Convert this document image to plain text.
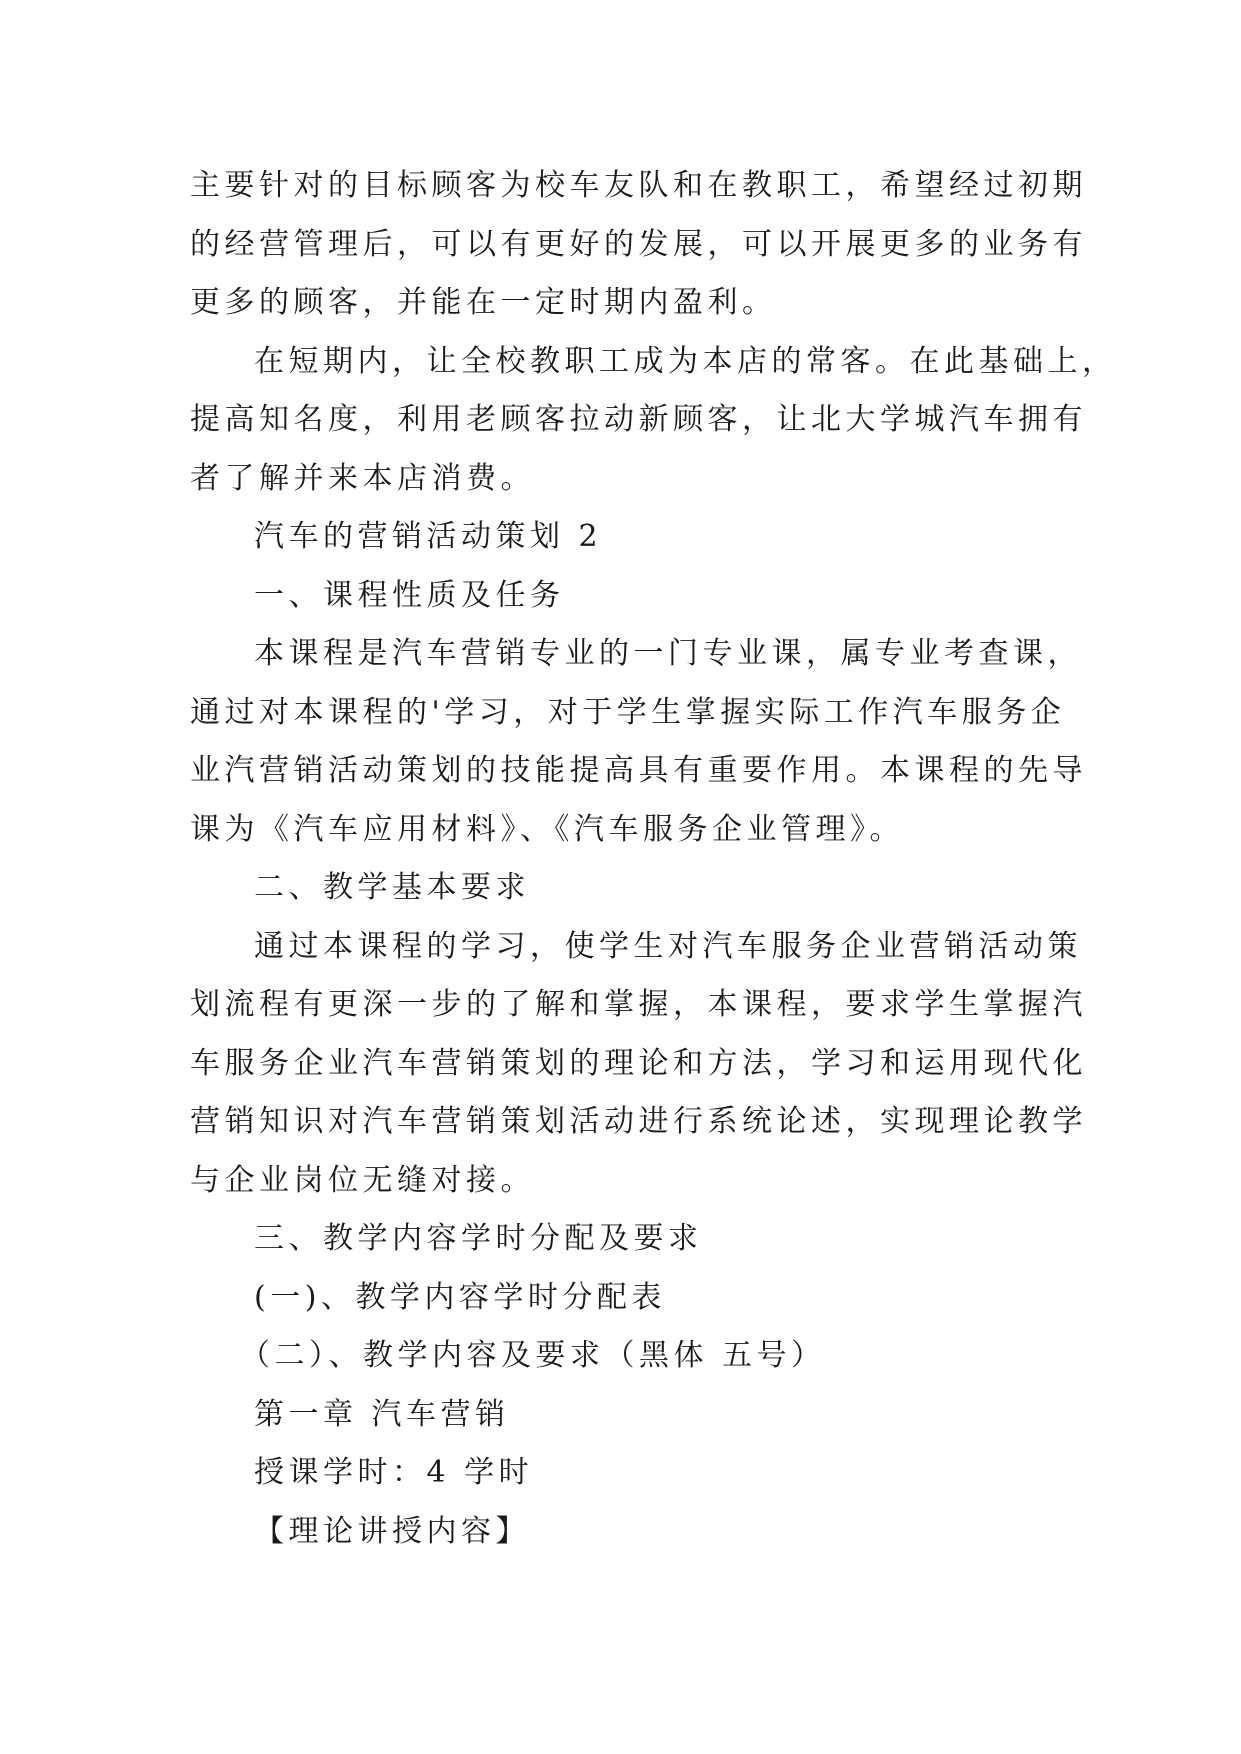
主要针对的目标顾客为校车友队和在教职工，希望经过初期
的经营管理后，可以有更好的发展，可以开展更多的业务有
更多的顾客，并能在一定时期内盈利。
在短期内，让全校教职工成为本店的常客。在此基础上，
提高知名度，利用老顾客拉动新顾客，让北大学城汽车拥有
者了解并来本店消费。
汽车的营销活动策划 2
一、课程性质及任务
本课程是汽车营销专业的一门专业课，属专业考查课，
通过对本课程的'学习，对于学生掌握实际工作汽车服务企
业汽营销活动策划的技能提高具有重要作用。本课程的先导
课为《汽车应用材料》、《汽车服务企业管理》。
二、教学基本要求
通过本课程的学习，使学生对汽车服务企业营销活动策
划流程有更深一步的了解和掌握，本课程，要求学生掌握汽
车服务企业汽车营销策划的理论和方法，学习和运用现代化
营销知识对汽车营销策划活动进行系统论述，实现理论教学
与企业岗位无缝对接。
三、教学内容学时分配及要求
(一)、教学内容学时分配表
（二）、教学内容及要求（黑体 五号）
第一章 汽车营销
授课学时：4 学时
【理论讲授内容】
